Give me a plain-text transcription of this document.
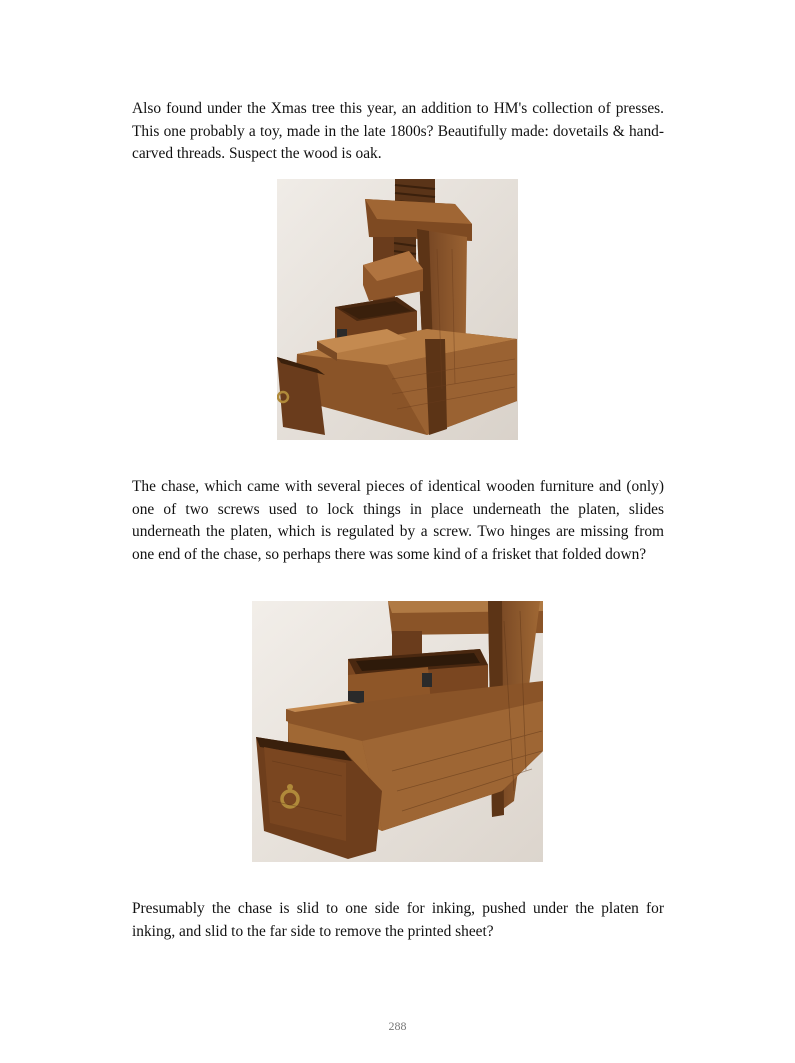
Also found under the Xmas tree this year, an addition to HM's collection of presses. This one probably a toy, made in the late 1800s? Beautifully made: dovetails & hand-carved threads. Suspect the wood is oak.

The chase, which came with several pieces of identical wooden furniture and (only) one of two screws used to lock things in place underneath the platen, slides underneath the platen, which is regulated by a screw. Two hinges are missing from one end of the chase, so perhaps there was some kind of a frisket that folded down?

Presumably the chase is slid to one side for inking, pushed under the platen for inking, and slid to the far side to remove the printed sheet?

288
